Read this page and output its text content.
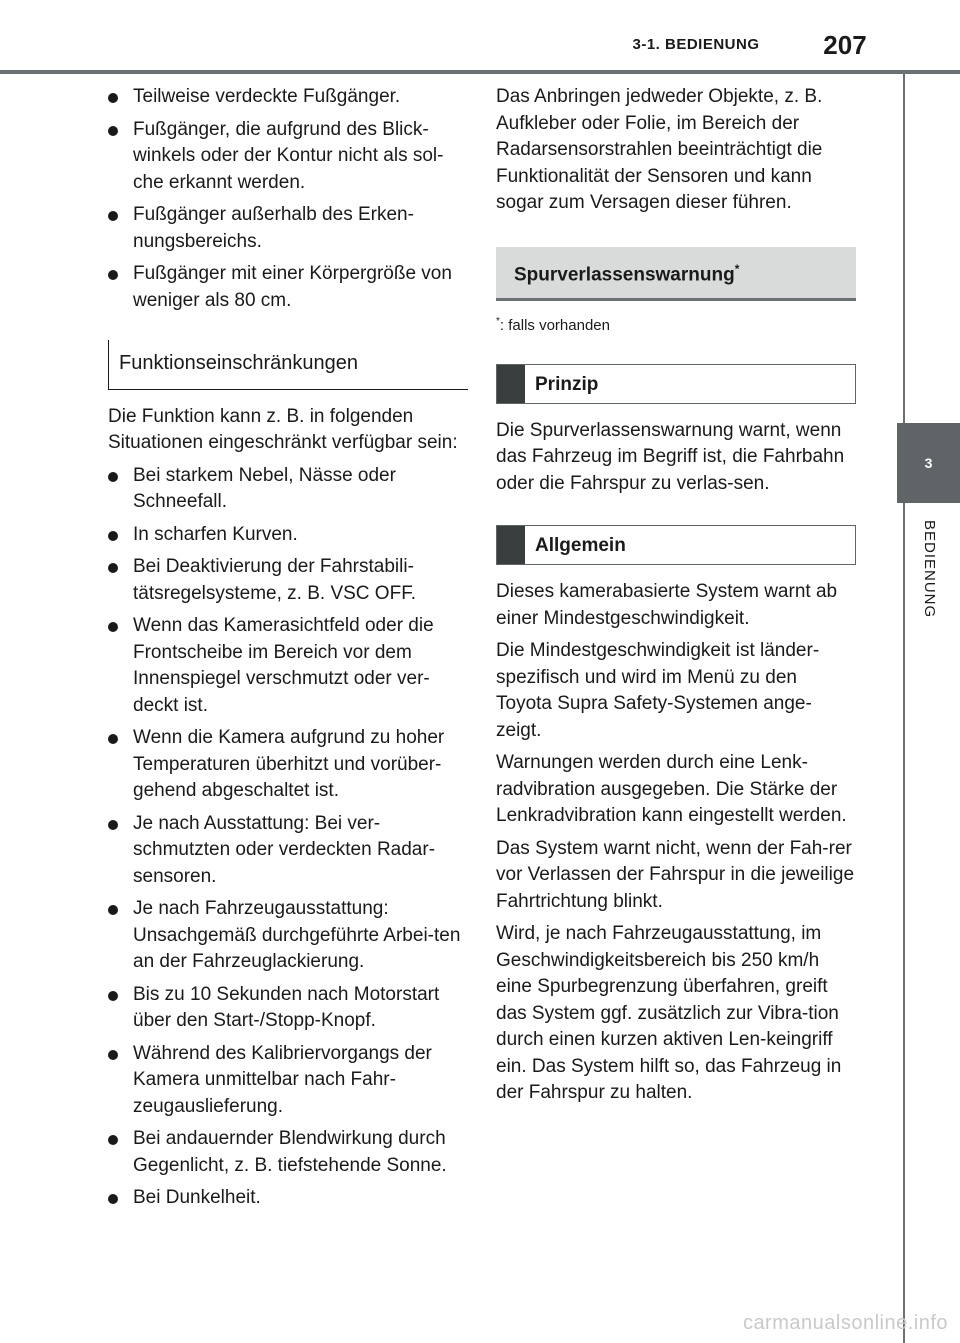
3-1. BEDIENUNG	207
3
BEDIENUNG
Teilweise verdeckte Fußgänger.
Fußgänger, die aufgrund des Blick-winkels oder der Kontur nicht als sol-che erkannt werden.
Fußgänger außerhalb des Erken-nungsbereichs.
Fußgänger mit einer Körpergröße von weniger als 80 cm.
Funktionseinschränkungen

Die Funktion kann z. B. in folgenden Situationen eingeschränkt verfügbar sein:

Bei starkem Nebel, Nässe oder Schneefall.
In scharfen Kurven.
Bei Deaktivierung der Fahrstabili-tätsregelsysteme, z. B. VSC OFF.
Wenn das Kamerasichtfeld oder die Frontscheibe im Bereich vor dem Innenspiegel verschmutzt oder ver-deckt ist.
Wenn die Kamera aufgrund zu hoher Temperaturen überhitzt und vorüber-gehend abgeschaltet ist.
Je nach Ausstattung: Bei ver-schmutzten oder verdeckten Radar-sensoren.
Je nach Fahrzeugausstattung: Unsachgemäß durchgeführte Arbei-ten an der Fahrzeuglackierung.
Bis zu 10 Sekunden nach Motorstart über den Start-/Stopp-Knopf.
Während des Kalibriervorgangs der Kamera unmittelbar nach Fahr-zeugauslieferung.
Bei andauernder Blendwirkung durch Gegenlicht, z. B. tiefstehende Sonne.
Bei Dunkelheit.

Das Anbringen jedweder Objekte, z. B. Aufkleber oder Folie, im Bereich der Radarsensorstrahlen beeinträchtigt die Funktionalität der Sensoren und kann sogar zum Versagen dieser führen.

Spurverlassenswarnung*
*: falls vorhanden
Prinzip

Die Spurverlassenswarnung warnt, wenn das Fahrzeug im Begriff ist, die Fahrbahn oder die Fahrspur zu verlas-sen.

Allgemein

Dieses kamerabasierte System warnt ab einer Mindestgeschwindigkeit.

Die Mindestgeschwindigkeit ist länder-spezifisch und wird im Menü zu den Toyota Supra Safety-Systemen ange-zeigt.

Warnungen werden durch eine Lenk-radvibration ausgegeben. Die Stärke der Lenkradvibration kann eingestellt werden.

Das System warnt nicht, wenn der Fah-rer vor Verlassen der Fahrspur in die jeweilige Fahrtrichtung blinkt.

Wird, je nach Fahrzeugausstattung, im Geschwindigkeitsbereich bis 250 km/h eine Spurbegrenzung überfahren, greift das System ggf. zusätzlich zur Vibra-tion durch einen kurzen aktiven Len-keingriff ein. Das System hilft so, das Fahrzeug in der Fahrspur zu halten.

carmanualsonline.info
